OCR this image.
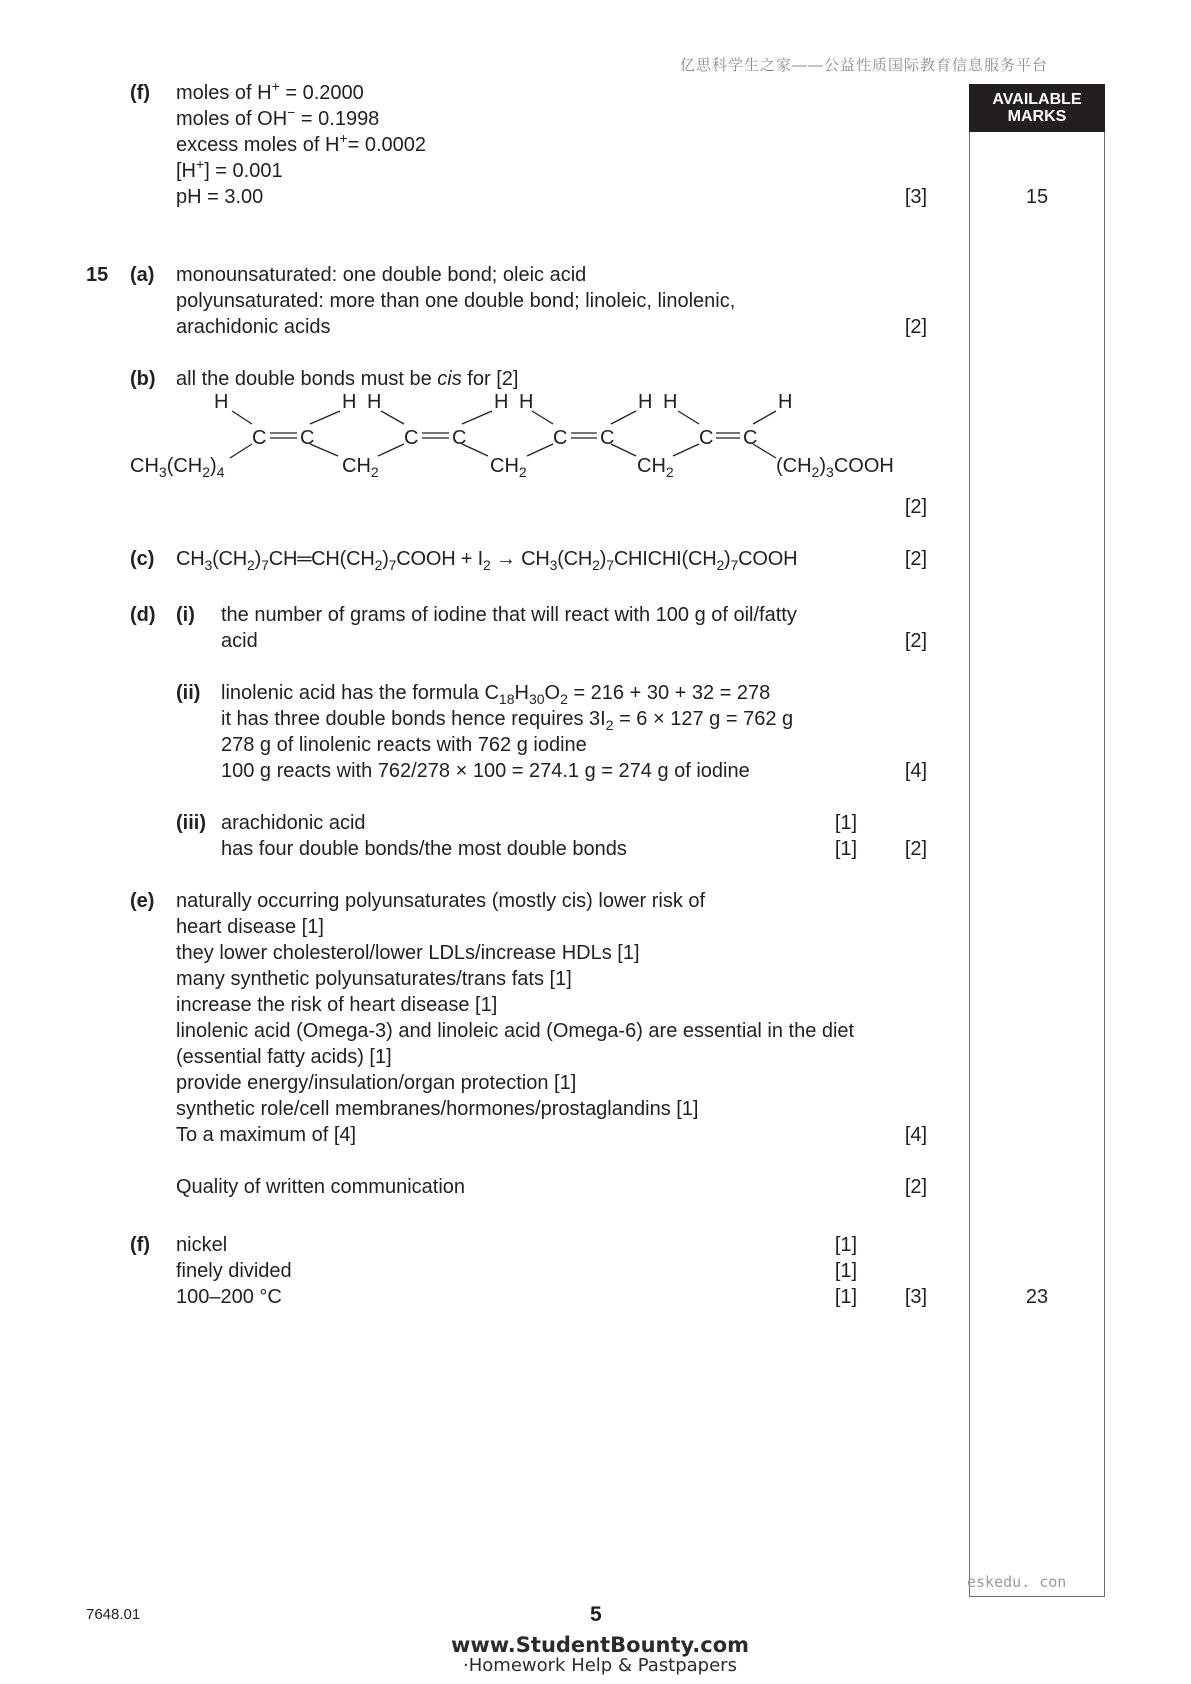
亿思科学生之家——公益性质国际教育信息服务平台
AVAILABLE
MARKS
15
23
(f) moles of H+ = 0.2000
moles of OH− = 0.1998
excess moles of H+= 0.0002
[H+] = 0.001
pH = 3.00	[3]
15 (a) monounsaturated: one double bond; oleic acid
polyunsaturated: more than one double bond; linoleic, linolenic,
arachidonic acids	[2]
(b) all the double bonds must be cis for [2]
H	H H	H H	H H	H
C C	C C	C C	C C
$CH_3(CH_2)_4$	$CH_2$	$CH_2$	$CH_2$	$(CH_2)_3COOH$
[2]
(c) $CH_3(CH_2)_7CH═CH(CH_2)_7COOH + I_2$ → $CH_3(CH_2)_7CHICHI(CH_2)_7COOH$	[2]
(d) (i) the number of grams of iodine that will react with 100 g of oil/fatty
acid	[2]
(ii) linolenic acid has the formula $C_{18}H_{30}O_2 = 216 + 30 + 32 = 278$
it has three double bonds hence requires $3I_2 = 6 \times 127$ g = 762 g
278 g of linolenic reacts with 762 g iodine
100 g reacts with 762/278 × 100 = 274.1 g = 274 g of iodine	[4]
(iii) arachidonic acid	[1]
has four double bonds/the most double bonds	[1]	[2]
(e) naturally occurring polyunsaturates (mostly cis) lower risk of
heart disease [1]
they lower cholesterol/lower LDLs/increase HDLs [1]
many synthetic polyunsaturates/trans fats [1]
increase the risk of heart disease [1]
linolenic acid (Omega-3) and linoleic acid (Omega-6) are essential in the diet
(essential fatty acids) [1]
provide energy/insulation/organ protection [1]
synthetic role/cell membranes/hormones/prostaglandins [1]
To a maximum of [4]	[4]
Quality of written communication	[2]
(f) nickel	[1]
finely divided	[1]
100–200 °C	[1]	[3]
eskedu. con
7648.01	5
www.StudentBounty.com
·Homework Help & Pastpapers
